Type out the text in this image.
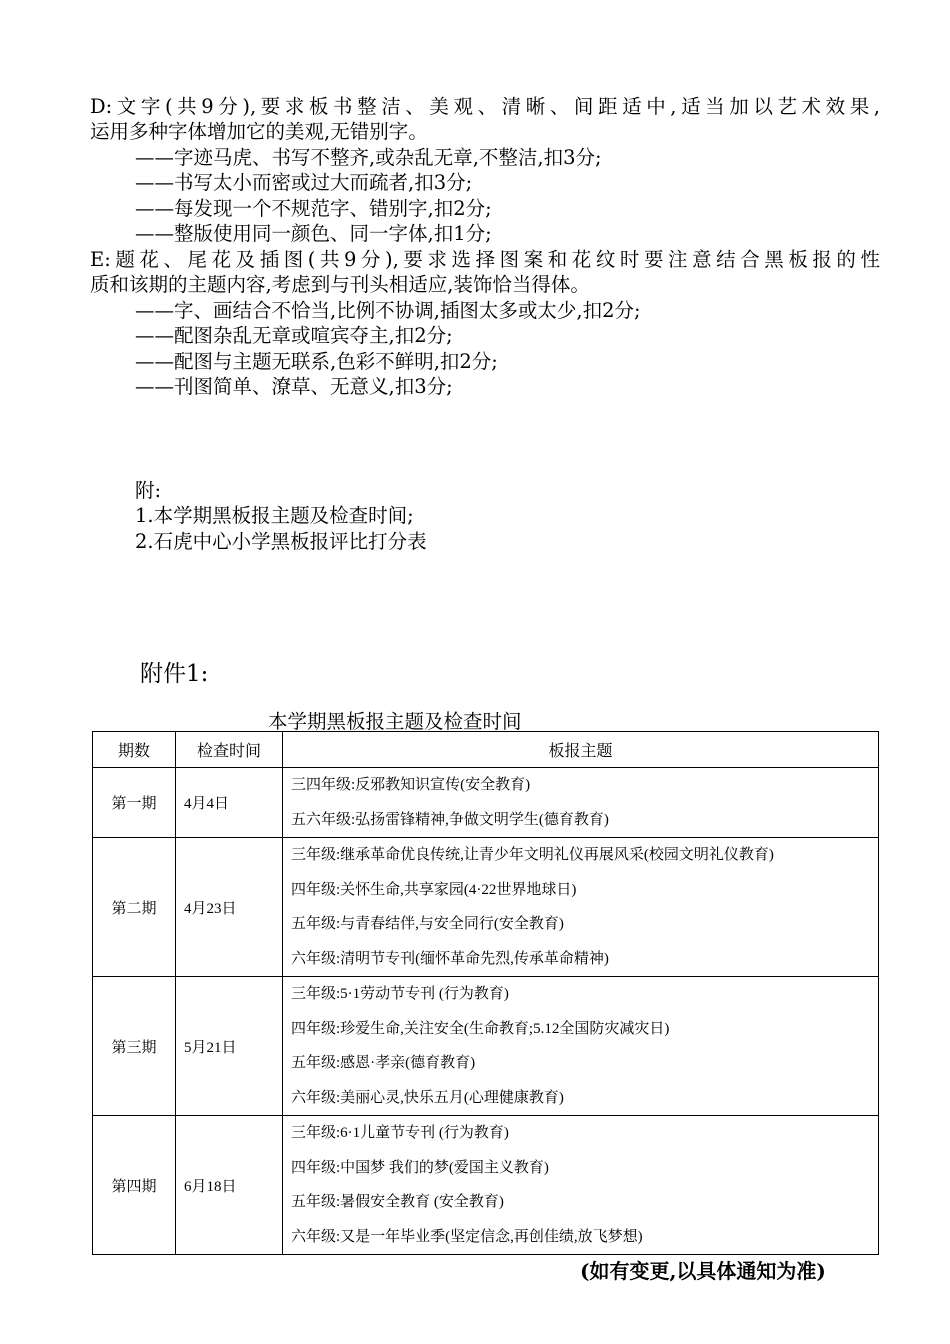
D:文字(共9分),要求板书整洁、美观、清晰、间距适中,适当加以艺术效果,
运用多种字体增加它的美观,无错别字。
——字迹马虎、书写不整齐,或杂乱无章,不整洁,扣3分;
——书写太小而密或过大而疏者,扣3分;
——每发现一个不规范字、错别字,扣2分;
——整版使用同一颜色、同一字体,扣1分;
E:题花、尾花及插图(共9分),要求选择图案和花纹时要注意结合黑板报的性
质和该期的主题内容,考虑到与刊头相适应,装饰恰当得体。
——字、画结合不恰当,比例不协调,插图太多或太少,扣2分;
——配图杂乱无章或喧宾夺主,扣2分;
——配图与主题无联系,色彩不鲜明,扣2分;
——刊图简单、潦草、无意义,扣3分;
附:
1.本学期黑板报主题及检查时间;
2.石虎中心小学黑板报评比打分表
附件1:
本学期黑板报主题及检查时间
期数	检查时间	板报主题
第一期	4月4日	三四年级:反邪教知识宣传(安全教育)
五六年级:弘扬雷锋精神,争做文明学生(德育教育)

第二期	4月23日	三年级:继承革命优良传统,让青少年文明礼仪再展风采(校园文明礼仪教育)
四年级:关怀生命,共享家园(4·22世界地球日)
五年级:与青春结伴,与安全同行(安全教育)
六年级:清明节专刊(缅怀革命先烈,传承革命精神)

第三期	5月21日	三年级:5·1劳动节专刊 (行为教育)
四年级:珍爱生命,关注安全(生命教育;5.12全国防灾减灾日)
五年级:感恩·孝亲(德育教育)
六年级:美丽心灵,快乐五月(心理健康教育)

第四期	6月18日	三年级:6·1儿童节专刊 (行为教育)
四年级:中国梦 我们的梦(爱国主义教育)
五年级:暑假安全教育 (安全教育)
六年级:又是一年毕业季(坚定信念,再创佳绩,放飞梦想)
(如有变更,以具体通知为准)
